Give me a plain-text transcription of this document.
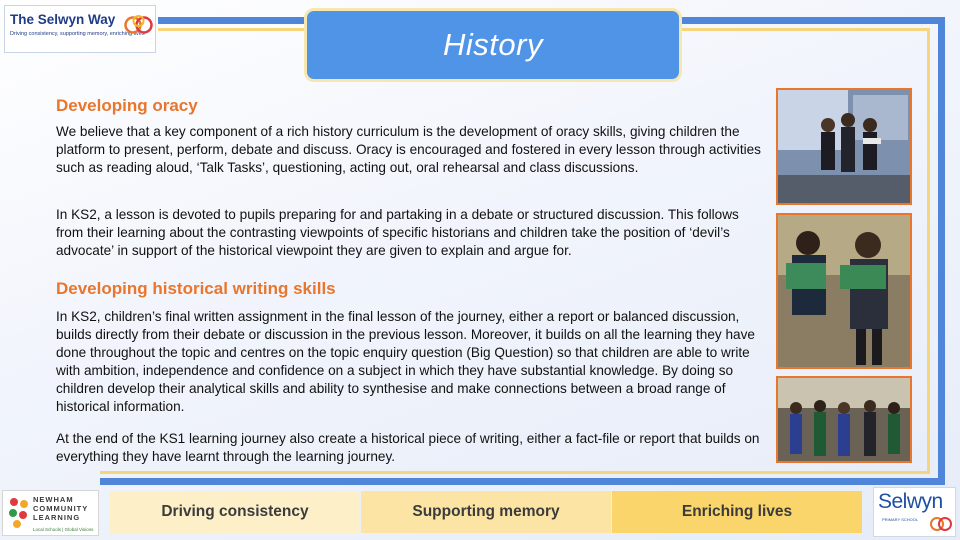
The Selwyn Way
Driving consistency, supporting memory, enriching lives	History
Developing oracy
We believe that a key component of a rich history curriculum is the development of oracy skills, giving children the platform to present, perform, debate and discuss. Oracy is encouraged and fostered in every lesson through activities such as reading aloud, ‘Talk Tasks’, questioning, acting out, oral rehearsal and class discussions.
In KS2, a lesson is devoted to pupils preparing for and partaking in a debate or structured discussion. This follows from their learning about the contrasting viewpoints of specific historians and children take the position of ‘devil’s advocate’ in support of the historical viewpoint they are given to explain and argue for.
Developing historical writing skills
In KS2, children’s final written assignment in the final lesson of the journey, either a report or balanced discussion, builds directly from their debate or discussion in the previous lesson. Moreover, it builds on all the learning they have done throughout the topic and centres on the topic enquiry question (Big Question) so that children are able to write with ambition, independence and confidence on a subject in which they have substantial knowledge. By doing so children develop their analytical skills and ability to synthesise and make connections between a broad range of historical information.
At the end of the KS1 learning journey also create a historical piece of writing, either a fact-file or report that builds on everything they have learnt through the learning journey.
NEWHAM COMMUNITY LEARNING
Local Schools | Global Visions
Driving consistency	Supporting memory	Enriching lives	Selwyn
PRIMARY SCHOOL
